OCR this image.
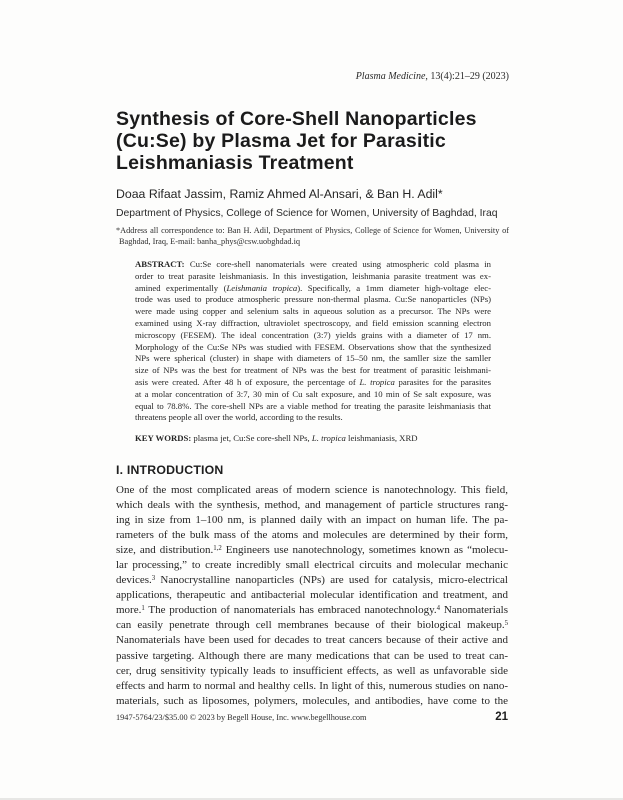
Plasma Medicine, 13(4):21–29 (2023)
Synthesis of Core-Shell Nanoparticles
(Cu:Se) by Plasma Jet for Parasitic
Leishmaniasis Treatment
Doaa Rifaat Jassim, Ramiz Ahmed Al-Ansari, & Ban H. Adil*
Department of Physics, College of Science for Women, University of Baghdad, Iraq
*Address all correspondence to: Ban H. Adil, Department of Physics, College of Science for Women, University of
Baghdad, Iraq, E-mail: banha_phys@csw.uobghdad.iq
ABSTRACT: Cu:Se core-shell nanomaterials were created using atmospheric cold plasma in
order to treat parasite leishmaniasis. In this investigation, leishmania parasite treatment was ex-
amined experimentally (Leishmania tropica). Specifically, a 1mm diameter high-voltage elec-
trode was used to produce atmospheric pressure non-thermal plasma. Cu:Se nanoparticles (NPs)
were made using copper and selenium salts in aqueous solution as a precursor. The NPs were
examined using X-ray diffraction, ultraviolet spectroscopy, and field emission scanning electron
microscopy (FESEM). The ideal concentration (3:7) yields grains with a diameter of 17 nm.
Morphology of the Cu:Se NPs was studied with FESEM. Observations show that the synthesized
NPs were spherical (cluster) in shape with diameters of 15–50 nm, the samller size the samller
size of NPs was the best for treatment of NPs was the best for treatment of parasitic leishmani-
asis were created. After 48 h of exposure, the percentage of L. tropica parasites for the parasites
at a molar concentration of 3:7, 30 min of Cu salt exposure, and 10 min of Se salt exposure, was
equal to 78.8%. The core-shell NPs are a viable method for treating the parasite leishmaniasis that
threatens people all over the world, according to the results.
KEY WORDS: plasma jet, Cu:Se core-shell NPs, L. tropica leishmaniasis, XRD
I. INTRODUCTION
One of the most complicated areas of modern science is nanotechnology. This field,
which deals with the synthesis, method, and management of particle structures rang-
ing in size from 1–100 nm, is planned daily with an impact on human life. The pa-
rameters of the bulk mass of the atoms and molecules are determined by their form,
size, and distribution.$^{1,2}$ Engineers use nanotechnology, sometimes known as “molecu-
lar processing,” to create incredibly small electrical circuits and molecular mechanic
devices.$^3$ Nanocrystalline nanoparticles (NPs) are used for catalysis, micro-electrical
applications, therapeutic and antibacterial molecular identification and treatment, and
more.$^1$ The production of nanomaterials has embraced nanotechnology.$^4$ Nanomaterials
can easily penetrate through cell membranes because of their biological makeup.$^5$
Nanomaterials have been used for decades to treat cancers because of their active and
passive targeting. Although there are many medications that can be used to treat can-
cer, drug sensitivity typically leads to insufficient effects, as well as unfavorable side
effects and harm to normal and healthy cells. In light of this, numerous studies on nano-
materials, such as liposomes, polymers, molecules, and antibodies, have come to the
1947-5764/23/$35.00 © 2023 by Begell House, Inc. www.begellhouse.com	21
